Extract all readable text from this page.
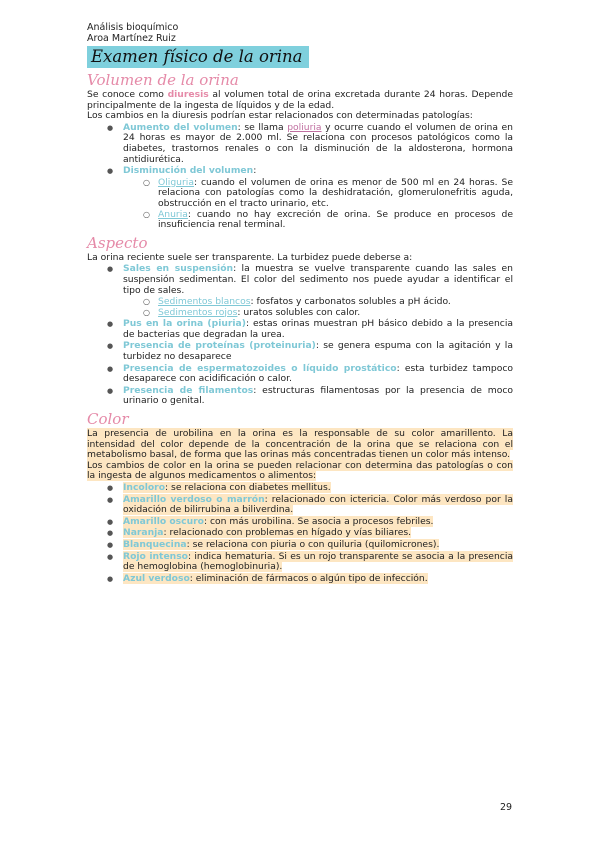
Análisis bioquímico
Aroa Martínez Ruiz
Examen físico de la orina
Volumen de la orina

Se conoce como diuresis al volumen total de orina excretada durante 24 horas. Depende principalmente de la ingesta de líquidos y de la edad.

Los cambios en la diuresis podrían estar relacionados con determinadas patologías:

● Aumento del volumen: se llama poliuria y ocurre cuando el volumen de orina en 24 horas es mayor de 2.000 ml. Se relaciona con procesos patológicos como la diabetes, trastornos renales o con la disminución de la aldosterona, hormona antidiurética.
● Disminución del volumen:
○ Oliguria: cuando el volumen de orina es menor de 500 ml en 24 horas. Se relaciona con patologías como la deshidratación, glomerulonefritis aguda, obstrucción en el tracto urinario, etc.
○ Anuria: cuando no hay excreción de orina. Se produce en procesos de insuficiencia renal terminal.
Aspecto

La orina reciente suele ser transparente. La turbidez puede deberse a:

● Sales en suspensión: la muestra se vuelve transparente cuando las sales en suspensión sedimentan. El color del sedimento nos puede ayudar a identificar el tipo de sales.
○ Sedimentos blancos: fosfatos y carbonatos solubles a pH ácido.
○ Sedimentos rojos: uratos solubles con calor.
● Pus en la orina (piuria): estas orinas muestran pH básico debido a la presencia de bacterias que degradan la urea.
● Presencia de proteínas (proteinuria): se genera espuma con la agitación y la turbidez no desaparece
● Presencia de espermatozoides o líquido prostático: esta turbidez tampoco desaparece con acidificación o calor.
● Presencia de filamentos: estructuras filamentosas por la presencia de moco urinario o genital.
Color

La presencia de urobilina en la orina es la responsable de su color amarillento. La intensidad del color depende de la concentración de la orina que se relaciona con el metabolismo basal, de forma que las orinas más concentradas tienen un color más intenso.

Los cambios de color en la orina se pueden relacionar con determina das patologías o con la ingesta de algunos medicamentos o alimentos:

● Incoloro: se relaciona con diabetes mellitus.
● Amarillo verdoso o marrón: relacionado con ictericia. Color más verdoso por la oxidación de bilirrubina a biliverdina.
● Amarillo oscuro: con más urobilina. Se asocia a procesos febriles.
● Naranja: relacionado con problemas en hígado y vías biliares.
● Blanquecina: se relaciona con piuria o con quiluria (quilomicrones).
● Rojo intenso: indica hematuria. Si es un rojo transparente se asocia a la presencia de hemoglobina (hemoglobinuria).
● Azul verdoso: eliminación de fármacos o algún tipo de infección.
29
